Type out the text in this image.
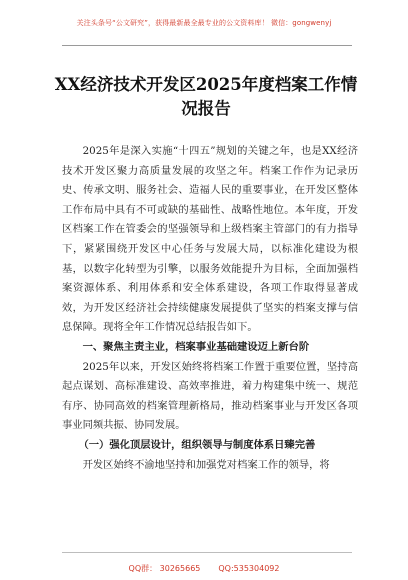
关注头条号“公文研究”，获得最新最全最专业的公文资料库！ 微信：gongwenyj
XX经济技术开发区2025年度档案工作情况报告

2025年是深入实施“十四五”规划的关键之年，也是XX经济技术开发区聚力高质量发展的攻坚之年。档案工作作为记录历史、传承文明、服务社会、造福人民的重要事业，在开发区整体工作布局中具有不可或缺的基础性、战略性地位。本年度，开发区档案工作在管委会的坚强领导和上级档案主管部门的有力指导下，紧紧围绕开发区中心任务与发展大局，以标准化建设为根基，以数字化转型为引擎，以服务效能提升为目标，全面加强档案资源体系、利用体系和安全体系建设，各项工作取得显著成效，为开发区经济社会持续健康发展提供了坚实的档案支撑与信息保障。现将全年工作情况总结报告如下。

一、聚焦主责主业，档案事业基础建设迈上新台阶

2025年以来，开发区始终将档案工作置于重要位置，坚持高起点谋划、高标准建设、高效率推进，着力构建集中统一、规范有序、协同高效的档案管理新格局，推动档案事业与开发区各项事业同频共振、协同发展。

（一）强化顶层设计，组织领导与制度体系日臻完善

开发区始终不渝地坚持和加强党对档案工作的领导，将

QQ群： 30265665 QQ:535304092
